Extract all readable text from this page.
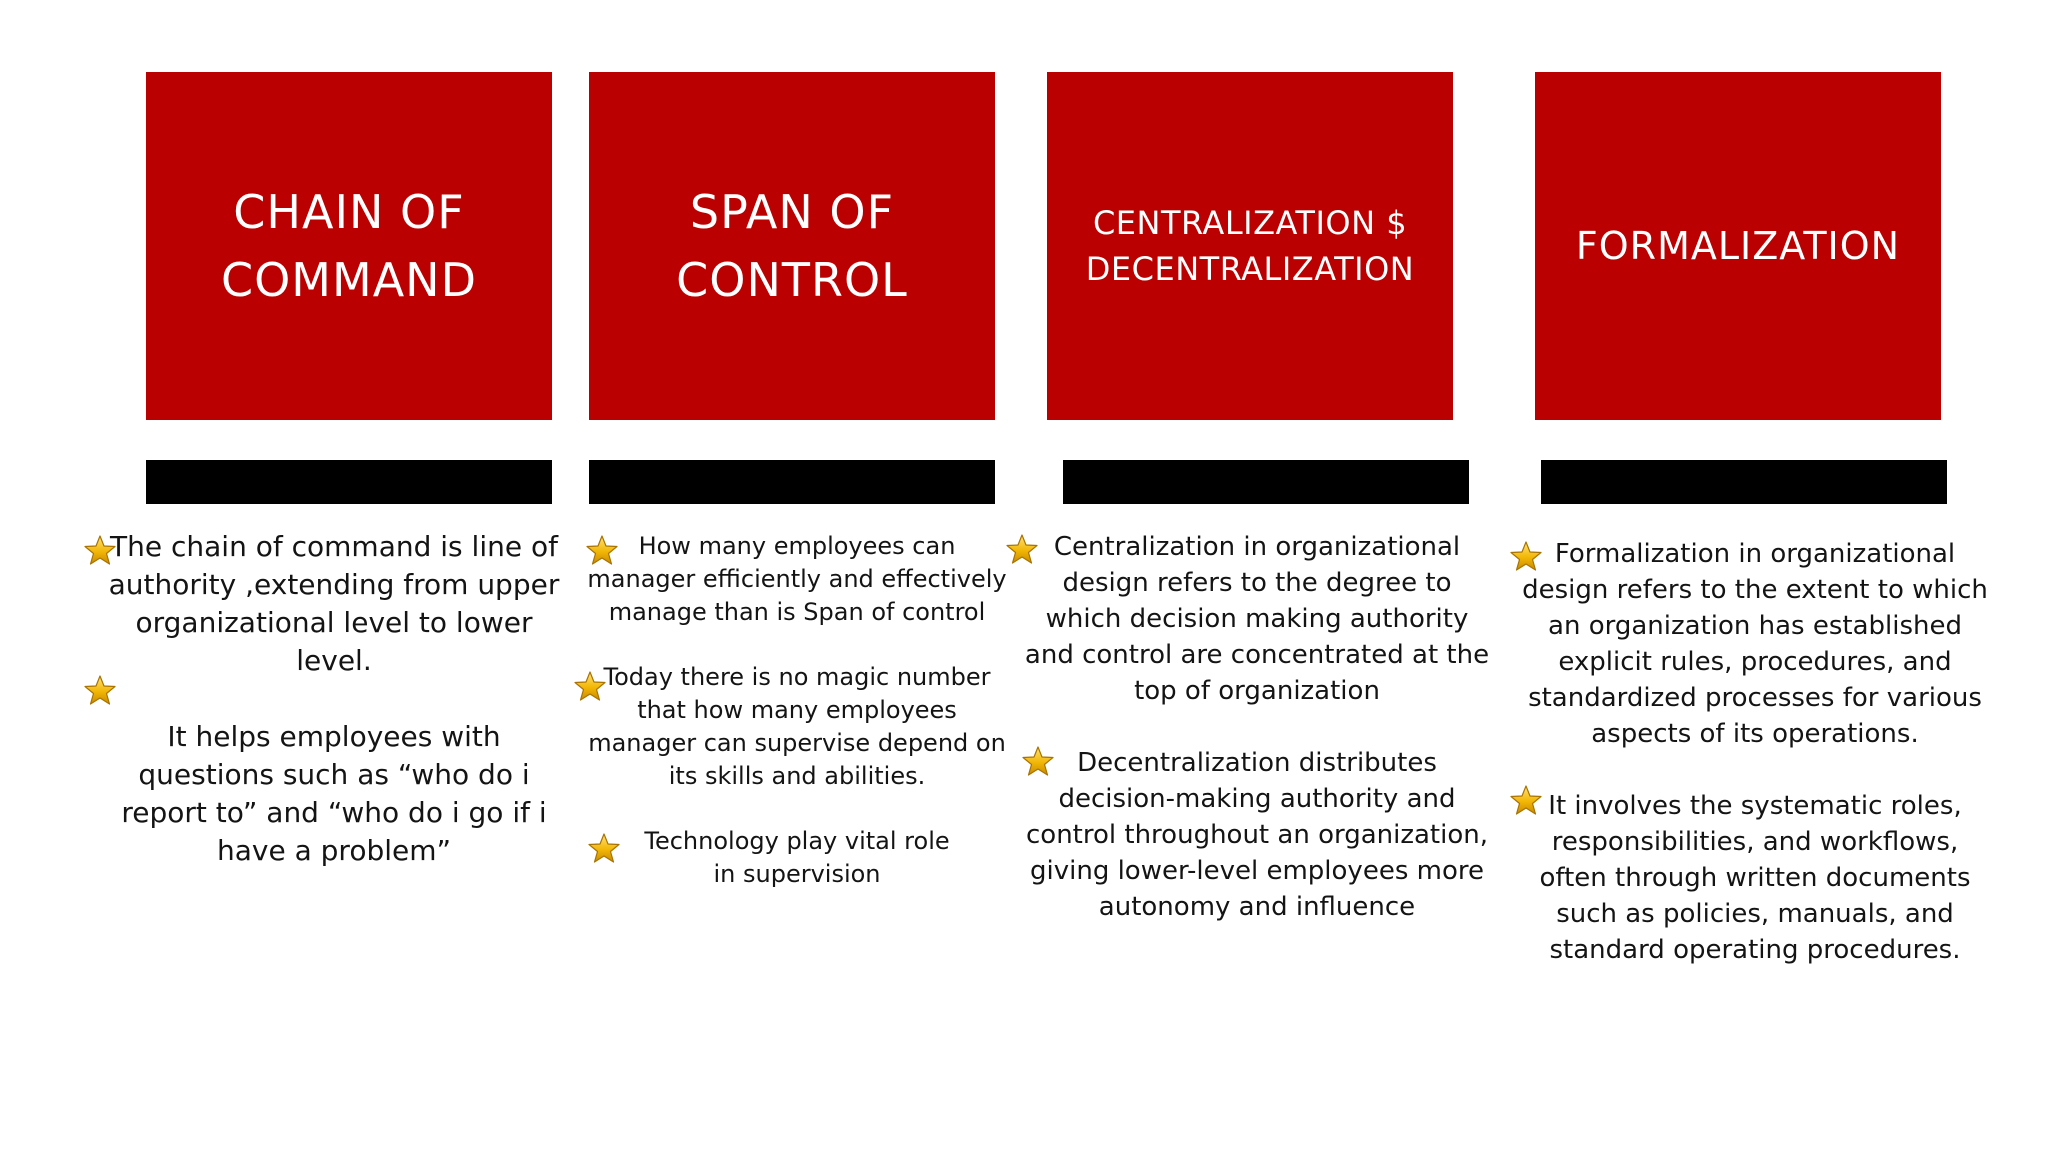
CHAIN OF
COMMAND
SPAN OF
CONTROL
CENTRALIZATION $
DECENTRALIZATION
FORMALIZATION

The chain of command is line of authority ,extending from upper organizational level to lower level.

It helps employees with questions such as “who do i report to” and “who do i go if i have a problem”

How many employees can manager efficiently and effectively manage than is Span of control

Today there is no magic number that how many employees manager can supervise depend on its skills and abilities.

Technology play vital role in supervision

Centralization in organizational design refers to the degree to which decision making authority and control are concentrated at the top of organization

Decentralization distributes decision-making authority and control throughout an organization, giving lower-level employees more autonomy and influence

Formalization in organizational design refers to the extent to which an organization has established explicit rules, procedures, and standardized processes for various aspects of its operations.

It involves the systematic roles, responsibilities, and workflows, often through written documents such as policies, manuals, and standard operating procedures.
